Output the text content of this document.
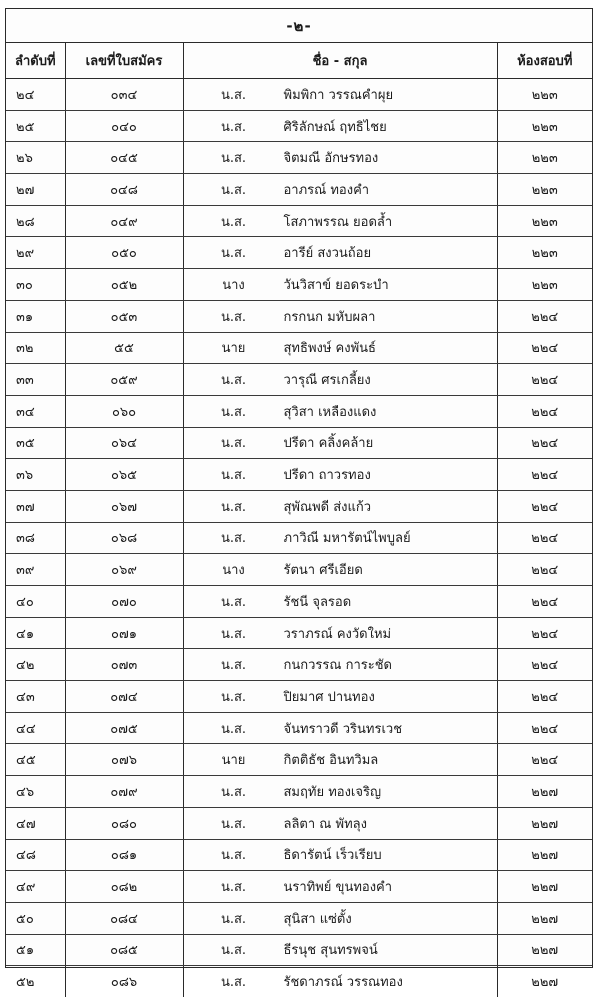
-๒-
ลำดับที่	เลขที่ใบสมัคร	ชื่อ - สกุล	ห้องสอบที่
๒๔	๐๓๔	น.ส. พิมพิกา วรรณคำผุย	๒๒๓
๒๕	๐๔๐	น.ส. ศิริลักษณ์ ฤทธิไชย	๒๒๓
๒๖	๐๔๕	น.ส. จิตมณี อักษรทอง	๒๒๓
๒๗	๐๔๘	น.ส. อาภรณ์ ทองคำ	๒๒๓
๒๘	๐๔๙	น.ส. โสภาพรรณ ยอดล้ำ	๒๒๓
๒๙	๐๕๐	น.ส. อารีย์ สงวนถ้อย	๒๒๓
๓๐	๐๕๒	นาง วันวิสาข์ ยอดระบำ	๒๒๓
๓๑	๐๕๓	น.ส. กรกนก มหับผลา	๒๒๔
๓๒	๕๕	นาย สุทธิพงษ์ คงพันธ์	๒๒๔
๓๓	๐๕๙	น.ส. วารุณี ศรเกลี้ยง	๒๒๔
๓๔	๐๖๐	น.ส. สุวิสา เหลืองแดง	๒๒๔
๓๕	๐๖๔	น.ส. ปรีดา คลิ้งคล้าย	๒๒๔
๓๖	๐๖๕	น.ส. ปรีดา ถาวรทอง	๒๒๔
๓๗	๐๖๗	น.ส. สุพัณพดี ส่งแก้ว	๒๒๔
๓๘	๐๖๘	น.ส. ภาวิณี มหารัตน์ไพบูลย์	๒๒๔
๓๙	๐๖๙	นาง รัตนา ศรีเอียด	๒๒๔
๔๐	๐๗๐	น.ส. รัชนี จุลรอด	๒๒๔
๔๑	๐๗๑	น.ส. วราภรณ์ คงวัดใหม่	๒๒๔
๔๒	๐๗๓	น.ส. กนกวรรณ การะชัด	๒๒๔
๔๓	๐๗๔	น.ส. ปิยมาศ ปานทอง	๒๒๔
๔๔	๐๗๕	น.ส. จันทราวดี วรินทรเวช	๒๒๔
๔๕	๐๗๖	นาย กิตติธัช อินทวิมล	๒๒๔
๔๖	๐๗๙	น.ส. สมฤทัย ทองเจริญ	๒๒๗
๔๗	๐๘๐	น.ส. ลลิตา ณ พัทลุง	๒๒๗
๔๘	๐๘๑	น.ส. ธิดารัตน์ เร็วเรียบ	๒๒๗
๔๙	๐๘๒	น.ส. นราทิพย์ ขุนทองคำ	๒๒๗
๕๐	๐๘๔	น.ส. สุนิสา แซ่ตั้ง	๒๒๗
๕๑	๐๘๕	น.ส. ธีรนุช สุนทรพจน์	๒๒๗
๕๒	๐๘๖	น.ส. รัชดาภรณ์ วรรณทอง	๒๒๗
